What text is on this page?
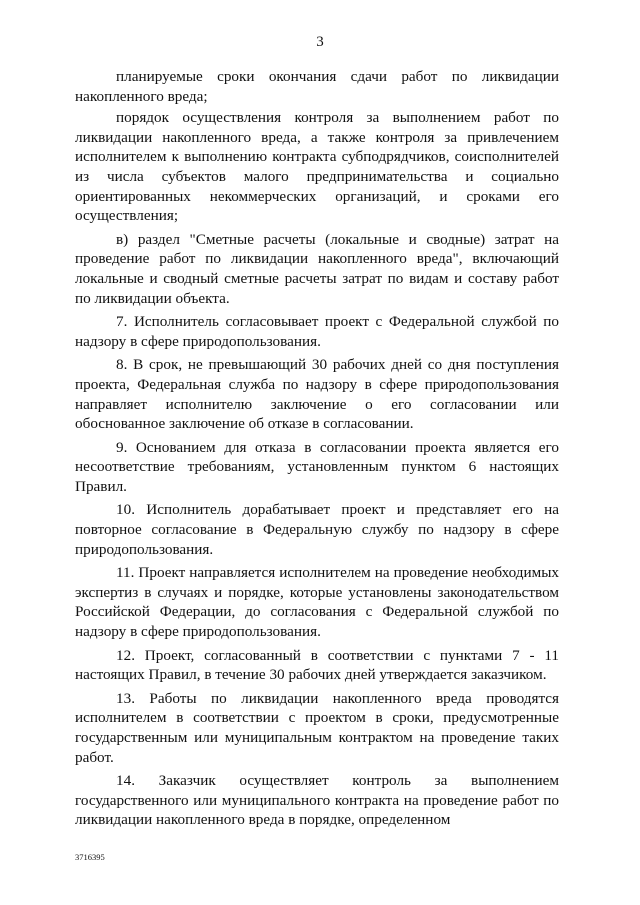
3

планируемые сроки окончания сдачи работ по ликвидации накопленного вреда;

порядок осуществления контроля за выполнением работ по ликвидации накопленного вреда, а также контроля за привлечением исполнителем к выполнению контракта субподрядчиков, соисполнителей из числа субъектов малого предпринимательства и социально ориентированных некоммерческих организаций, и сроками его осуществления;

в) раздел "Сметные расчеты (локальные и сводные) затрат на проведение работ по ликвидации накопленного вреда", включающий локальные и сводный сметные расчеты затрат по видам и составу работ по ликвидации объекта.

7. Исполнитель согласовывает проект с Федеральной службой по надзору в сфере природопользования.

8. В срок, не превышающий 30 рабочих дней со дня поступления проекта, Федеральная служба по надзору в сфере природопользования направляет исполнителю заключение о его согласовании или обоснованное заключение об отказе в согласовании.

9. Основанием для отказа в согласовании проекта является его несоответствие требованиям, установленным пунктом 6 настоящих Правил.

10. Исполнитель дорабатывает проект и представляет его на повторное согласование в Федеральную службу по надзору в сфере природопользования.

11. Проект направляется исполнителем на проведение необходимых экспертиз в случаях и порядке, которые установлены законодательством Российской Федерации, до согласования с Федеральной службой по надзору в сфере природопользования.

12. Проект, согласованный в соответствии с пунктами 7 - 11 настоящих Правил, в течение 30 рабочих дней утверждается заказчиком.

13. Работы по ликвидации накопленного вреда проводятся исполнителем в соответствии с проектом в сроки, предусмотренные государственным или муниципальным контрактом на проведение таких работ.

14. Заказчик осуществляет контроль за выполнением государственного или муниципального контракта на проведение работ по ликвидации накопленного вреда в порядке, определенном

3716395
